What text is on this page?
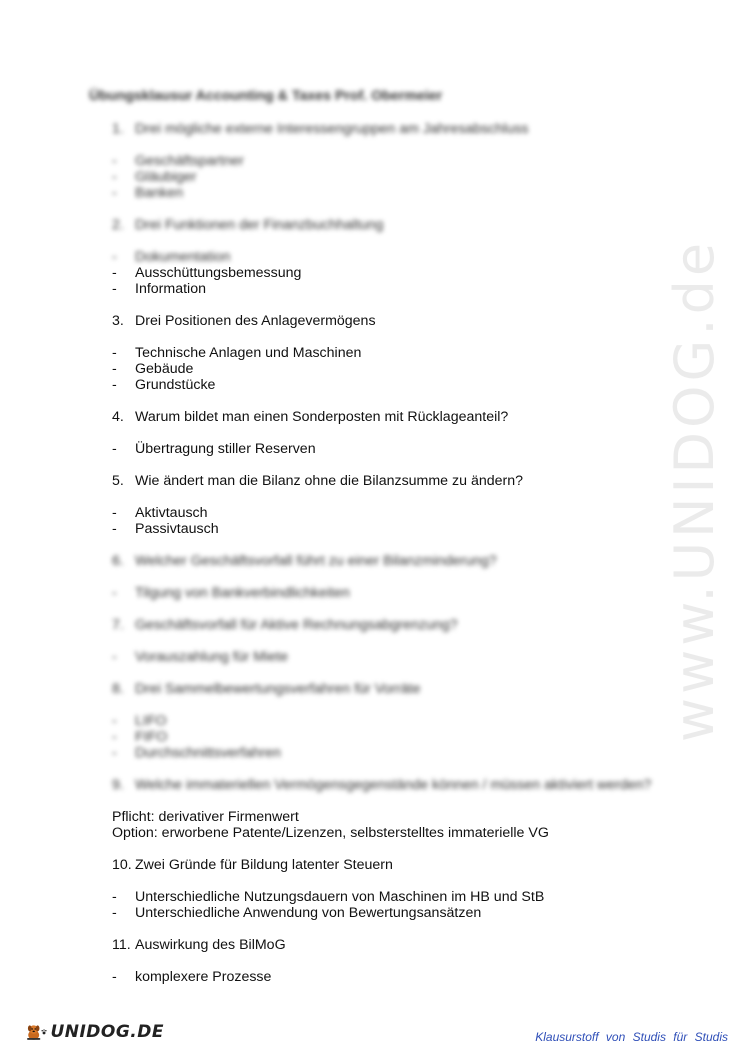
www.UNIDOG.de
Übungsklausur Accounting & Taxes Prof. Obermeier
1. Drei mögliche externe Interessengruppen am Jahresabschluss
-	Geschäftspartner
-	Gläubiger
-	Banken
2. Drei Funktionen der Finanzbuchhaltung
-	Dokumentation
-	Ausschüttungsbemessung
-	Information
3. Drei Positionen des Anlagevermögens
-	Technische Anlagen und Maschinen
-	Gebäude
-	Grundstücke
4. Warum bildet man einen Sonderposten mit Rücklageanteil?
-	Übertragung stiller Reserven
5. Wie ändert man die Bilanz ohne die Bilanzsumme zu ändern?
-	Aktivtausch
-	Passivtausch
6. Welcher Geschäftsvorfall führt zu einer Bilanzminderung?
-	Tilgung von Bankverbindlichkeiten
7. Geschäftsvorfall für Aktive Rechnungsabgrenzung?
-	Vorauszahlung für Miete
8. Drei Sammelbewertungsverfahren für Vorräte
-	LIFO
-	FIFO
-	Durchschnittsverfahren
9. Welche immateriellen Vermögensgegenstände können / müssen aktiviert werden?
Pflicht: derivativer Firmenwert
Option: erworbene Patente/Lizenzen, selbsterstelltes immaterielle VG
10. Zwei Gründe für Bildung latenter Steuern
-	Unterschiedliche Nutzungsdauern von Maschinen im HB und StB
-	Unterschiedliche Anwendung von Bewertungsansätzen
11. Auswirkung des BilMoG
-	komplexere Prozesse
UNIDOG.DE	Klausurstoff von Studis für Studis
